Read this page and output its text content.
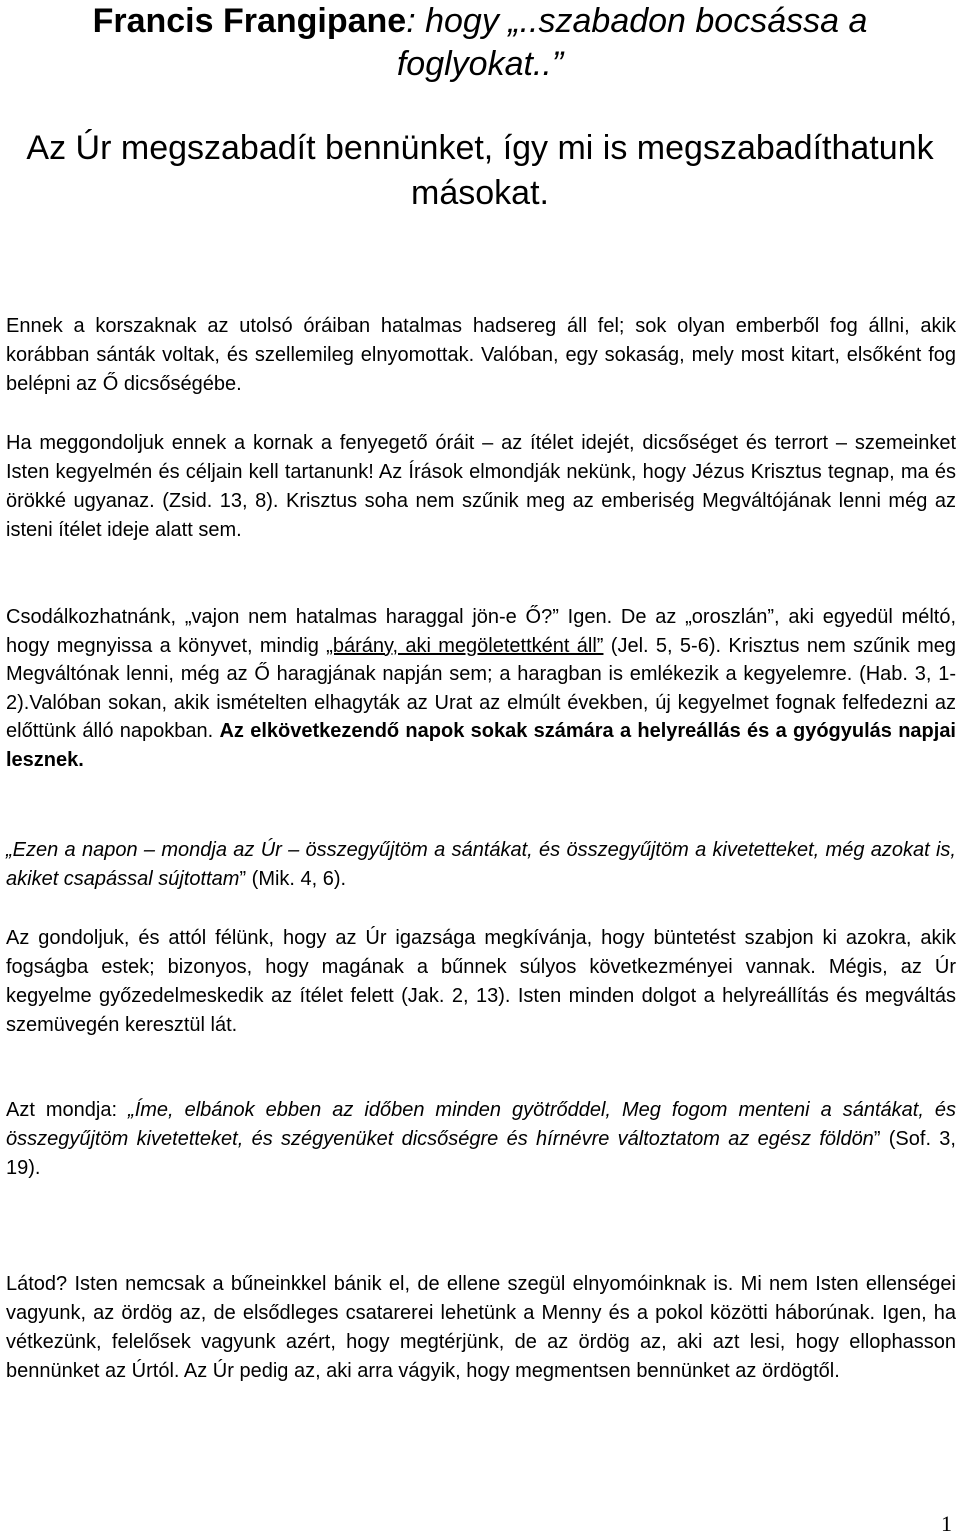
Francis Frangipane: hogy „..szabadon bocsássa a foglyokat..”
Az Úr megszabadít bennünket, így mi is megszabadíthatunk másokat.
Ennek a korszaknak az utolsó óráiban hatalmas hadsereg áll fel; sok olyan emberből fog állni, akik korábban sánták voltak, és szellemileg elnyomottak. Valóban, egy sokaság, mely most kitart, elsőként fog belépni az Ő dicsőségébe.
Ha meggondoljuk ennek a kornak a fenyegető óráit – az ítélet idejét, dicsőséget és terrort – szemeinket Isten kegyelmén és céljain kell tartanunk! Az Írások elmondják nekünk, hogy Jézus Krisztus tegnap, ma és örökké ugyanaz. (Zsid. 13, 8). Krisztus soha nem szűnik meg az emberiség Megváltójának lenni még az isteni ítélet ideje alatt sem.
Csodálkozhatnánk, „vajon nem hatalmas haraggal jön-e Ő?” Igen. De az „oroszlán”, aki egyedül méltó, hogy megnyissa a könyvet, mindig „bárány, aki megöletettként áll” (Jel. 5, 5-6). Krisztus nem szűnik meg Megváltónak lenni, még az Ő haragjának napján sem; a haragban is emlékezik a kegyelemre. (Hab. 3, 1-2).Valóban sokan, akik ismételten elhagyták az Urat az elmúlt években, új kegyelmet fognak felfedezni az előttünk álló napokban. Az elkövetkezendő napok sokak számára a helyreállás és a gyógyulás napjai lesznek.
„Ezen a napon – mondja az Úr – összegyűjtöm a sántákat, és összegyűjtöm a kivetetteket, még azokat is, akiket csapással sújtottam” (Mik. 4, 6).
Az gondoljuk, és attól félünk, hogy az Úr igazsága megkívánja, hogy büntetést szabjon ki azokra, akik fogságba estek; bizonyos, hogy magának a bűnnek súlyos következményei vannak. Mégis, az Úr kegyelme győzedelmeskedik az ítélet felett (Jak. 2, 13). Isten minden dolgot a helyreállítás és megváltás szemüvegén keresztül lát.
Azt mondja: „Íme, elbánok ebben az időben minden gyötrőddel, Meg fogom menteni a sántákat, és összegyűjtöm kivetetteket, és szégyenüket dicsőségre és hírnévre változtatom az egész földön” (Sof. 3, 19).
Látod? Isten nemcsak a bűneinkkel bánik el, de ellene szegül elnyomóinknak is. Mi nem Isten ellenségei vagyunk, az ördög az, de elsődleges csatarerei lehetünk a Menny és a pokol közötti háborúnak. Igen, ha vétkezünk, felelősek vagyunk azért, hogy megtérjünk, de az ördög az, aki azt lesi, hogy ellophasson bennünket az Úrtól. Az Úr pedig az, aki arra vágyik, hogy megmentsen bennünket az ördögtől.
1
